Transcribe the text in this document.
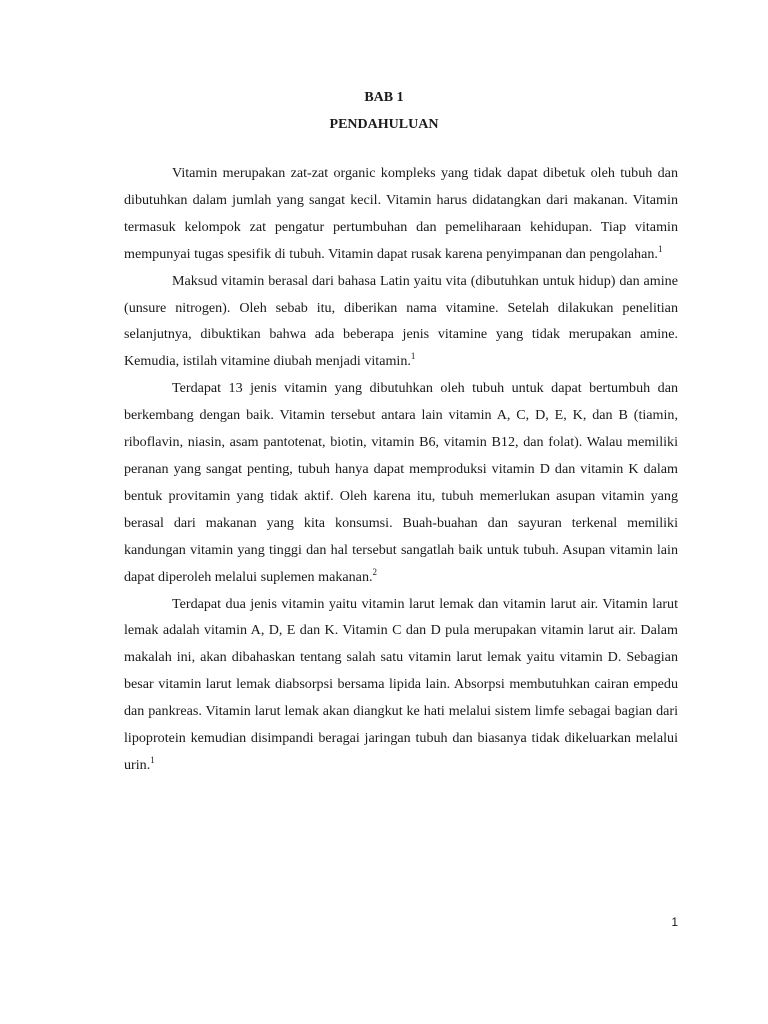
BAB 1
PENDAHULUAN

Vitamin merupakan zat-zat organic kompleks yang tidak dapat dibetuk oleh tubuh dan dibutuhkan dalam jumlah yang sangat kecil. Vitamin harus didatangkan dari makanan. Vitamin termasuk kelompok zat pengatur pertumbuhan dan pemeliharaan kehidupan. Tiap vitamin mempunyai tugas spesifik di tubuh. Vitamin dapat rusak karena penyimpanan dan pengolahan.$^1$

Maksud vitamin berasal dari bahasa Latin yaitu vita (dibutuhkan untuk hidup) dan amine (unsure nitrogen). Oleh sebab itu, diberikan nama vitamine. Setelah dilakukan penelitian selanjutnya, dibuktikan bahwa ada beberapa jenis vitamine yang tidak merupakan amine. Kemudia, istilah vitamine diubah menjadi vitamin.$^1$

Terdapat 13 jenis vitamin yang dibutuhkan oleh tubuh untuk dapat bertumbuh dan berkembang dengan baik. Vitamin tersebut antara lain vitamin A, C, D, E, K, dan B (tiamin, riboflavin, niasin, asam pantotenat, biotin, vitamin B6, vitamin B12, dan folat). Walau memiliki peranan yang sangat penting, tubuh hanya dapat memproduksi vitamin D dan vitamin K dalam bentuk provitamin yang tidak aktif. Oleh karena itu, tubuh memerlukan asupan vitamin yang berasal dari makanan yang kita konsumsi. Buah-buahan dan sayuran terkenal memiliki kandungan vitamin yang tinggi dan hal tersebut sangatlah baik untuk tubuh. Asupan vitamin lain dapat diperoleh melalui suplemen makanan.$^2$

Terdapat dua jenis vitamin yaitu vitamin larut lemak dan vitamin larut air. Vitamin larut lemak adalah vitamin A, D, E dan K. Vitamin C dan D pula merupakan vitamin larut air. Dalam makalah ini, akan dibahaskan tentang salah satu vitamin larut lemak yaitu vitamin D. Sebagian besar vitamin larut lemak diabsorpsi bersama lipida lain. Absorpsi membutuhkan cairan empedu dan pankreas. Vitamin larut lemak akan diangkut ke hati melalui sistem limfe sebagai bagian dari lipoprotein kemudian disimpandi beragai jaringan tubuh dan biasanya tidak dikeluarkan melalui urin.$^1$

1
